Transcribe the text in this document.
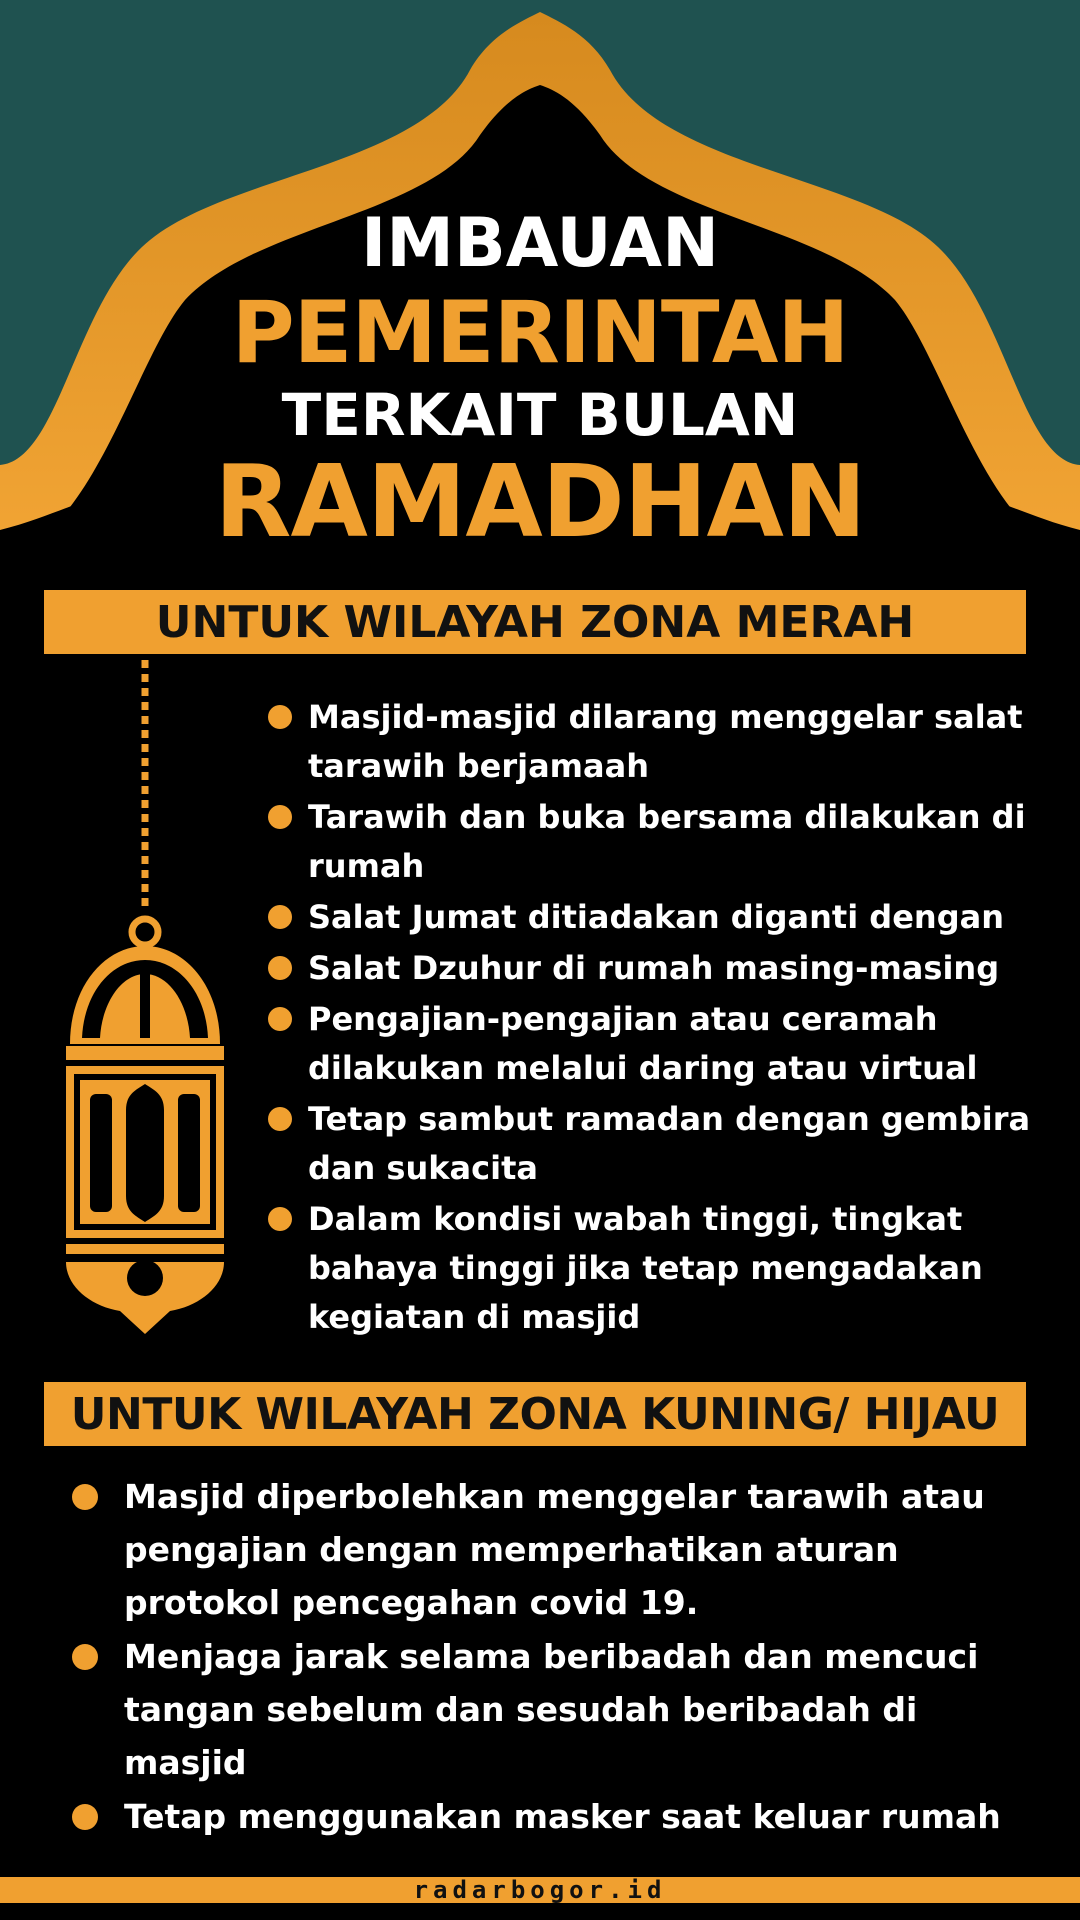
IMBAUAN
PEMERINTAH
TERKAIT BULAN
RAMADHAN
UNTUK WILAYAH ZONA MERAH
Masjid-masjid dilarang menggelar salat tarawih berjamaah
Tarawih dan buka bersama dilakukan di rumah
Salat Jumat ditiadakan diganti dengan
Salat Dzuhur di rumah masing-masing
Pengajian-pengajian atau ceramah dilakukan melalui daring atau virtual
Tetap sambut ramadan dengan gembira dan sukacita
Dalam kondisi wabah tinggi, tingkat bahaya tinggi jika tetap mengadakan kegiatan di masjid
UNTUK WILAYAH ZONA KUNING/ HIJAU
Masjid diperbolehkan menggelar tarawih atau pengajian dengan memperhatikan aturan protokol pencegahan covid 19.
Menjaga jarak selama beribadah dan mencuci tangan sebelum dan sesudah beribadah di masjid
Tetap menggunakan masker saat keluar rumah
radarbogor.id
